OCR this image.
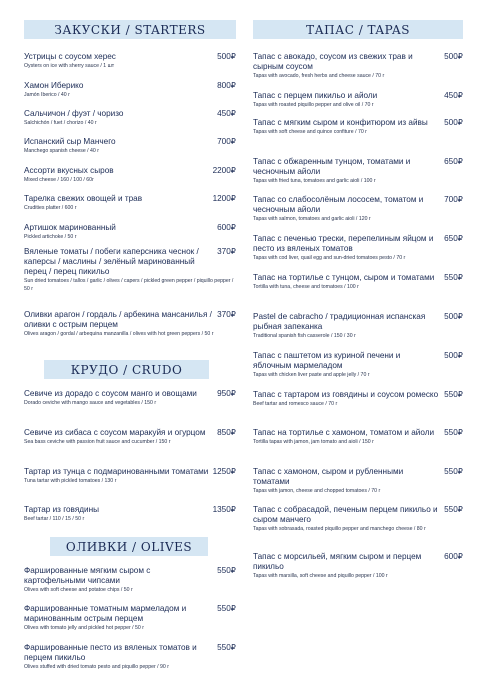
ЗАКУСКИ / STARTERS
Устрицы с соусом херес	500₽
Oysters on ice with sherry sauce / 1 шт
Хамон Иберико	800₽
Jamón Iberico / 40 г
Сальчичон / фуэт / чоризо	450₽
Salchichón / fuet / chorizo / 40 г
Испанский сыр Манчего	700₽
Manchego spanish cheese / 40 г
Ассорти вкусных сыров	2200₽
Mixed cheese / 160 / 100 / 60г
Тарелка свежих овощей и трав	1200₽
Crudities platter / 600 г
Артишок маринованный	600₽
Pickled artichoke / 50 г
Вяленые томаты / побеги каперсника чеснок / каперсы / маслины / зелёный маринованный перец / перец пикильо
370₽
Sun dried tomatoes / tallos / garlic / olives / capers / pickled green pepper / piquillo pepper / 50 г
Оливки арагон / гордаль / арбекина мансанилья / оливки с острым перцем
370₽
Olives aragon / gordal / arbequina manzanilla / olives with hot green peppers / 50 г
КРУДО / CRUDO
Севиче из дорадо с соусом манго и овощами	950₽
Dorado ceviche with mango sauce and vegetables / 150 г
Севиче из сибаса с соусом маракуйя и огурцом	850₽
Sea bass ceviche with passion fruit sauce and cucumber / 150 г
Тартар из тунца с подмаринованными томатами 1250₽
Tuna tartar with pickled tomatoes / 130 г
Тартар из говядины	1350₽
Beef tartar / 110 / 15 / 50 г
ОЛИВКИ / OLIVES
Фаршированные мягким сыром с картофельными чипсами
550₽
Olives with soft cheese and potatoe chips / 50 г
Фаршированные томатным мармеладом и маринованным острым перцем
550₽
Olives with tomato jelly and pickled hot pepper / 50 г
Фаршированные песто из вяленых томатов и перцем пикильо
550₽
Olives stuffed with dried tomato pesto and piquillo pepper / 90 г
ТАПАС / TAPAS
Тапас с авокадо, соусом из свежих трав и сырным соусом
500₽
Tapas with avocado, fresh herbs and cheese sauce / 70 г
Тапас с перцем пикильо и айоли	450₽
Tapas with roasted piquillo pepper and olive oil / 70 г
Тапас с мягким сыром и конфитюром из айвы	500₽
Tapas with soft cheese and quince confiture / 70 г
Тапас с обжаренным тунцом, томатами и чесночным айоли
650₽
Tapas with fried tuna, tomatoes and garlic aioli / 100 г
Тапас со слабосолёным лососем, томатом и чесночным айоли
700₽
Tapas with salmon, tomatoes and garlic aioli / 120 г
Тапас с печенью трески, перепелиным яйцом и песто из вяленых томатов
650₽
Tapas with cod liver, quail egg and sun-dried tomatoes pesto / 70 г
Тапас на тортилье с тунцом, сыром и томатами	550₽
Tortilla with tuna, cheese and tomatoes / 100 г
Pastel de cabracho / традиционная испанская рыбная запеканка
500₽
Traditional spanish fish casserole / 150 / 30 г
Тапас с паштетом из куриной печени и яблочным мармеладом
500₽
Tapas with chicken liver paste and apple jelly / 70 г
Тапас с тартаром из говядины и соусом ромеско 550₽
Beef tartar and romesco sauce / 70 г
Тапас на тортилье с хамоном, томатом и айоли	550₽
Tortilla tapas with jamon, jam tomato and aioli / 150 г
Тапас с хамоном, сыром и рубленными томатами
550₽
Tapas with jamon, cheese and chopped tomatoes / 70 г
Тапас с собрасадой, печеным перцем пикильо и сыром манчего
550₽
Tapas with sobrasada, roasted piquillo pepper and manchego cheese / 80 г
Тапас с морсильей, мягким сыром и перцем пикильо
600₽
Tapas with marsilla, soft cheese and piquillo pepper / 100 г
